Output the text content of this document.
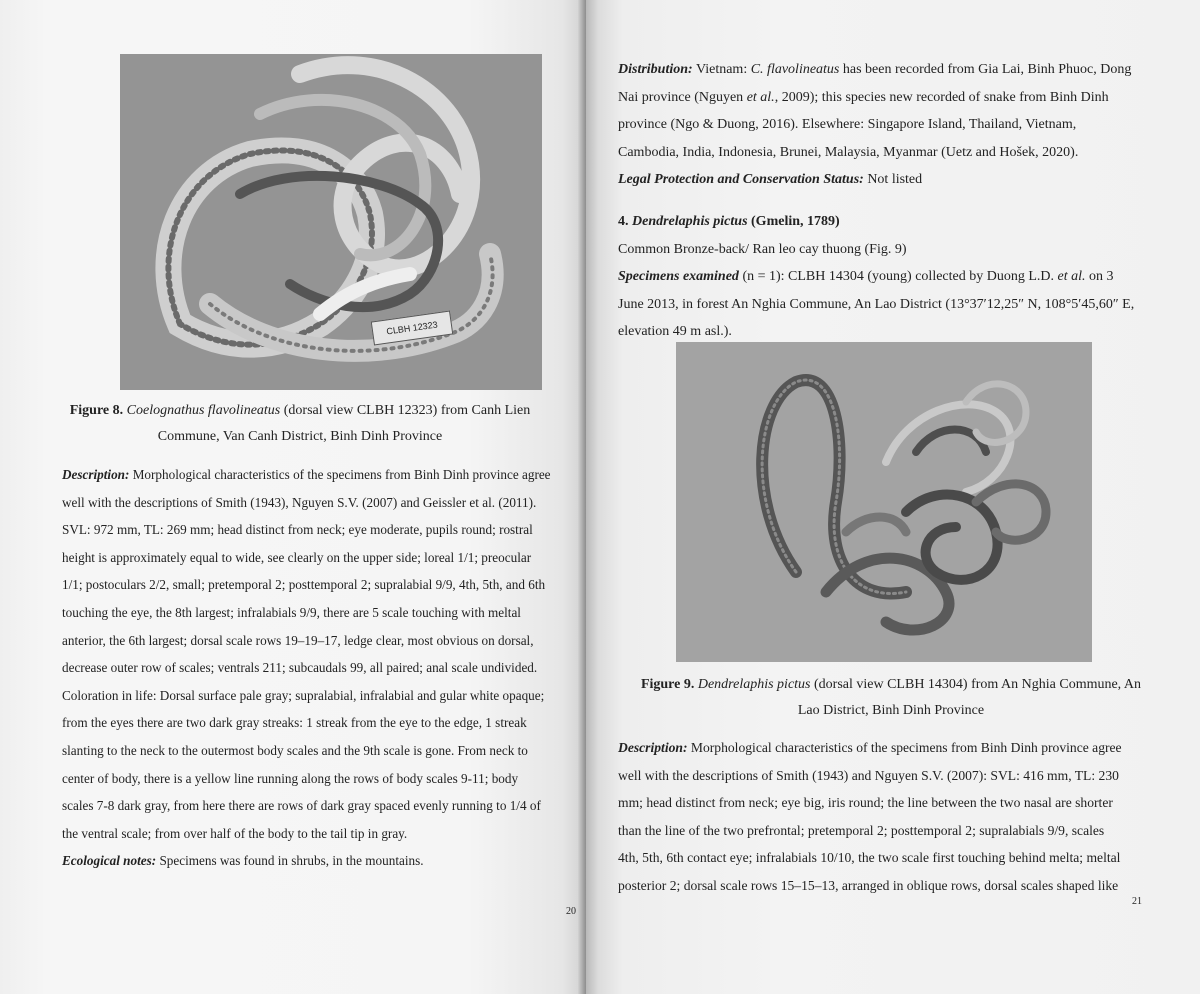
CLBH 12323
Figure 8. Coelognathus flavolineatus (dorsal view CLBH 12323) from Canh Lien
Commune, Van Canh District, Binh Dinh Province
Description: Morphological characteristics of the specimens from Binh Dinh province agree
well with the descriptions of Smith (1943), Nguyen S.V. (2007) and Geissler et al. (2011).
SVL: 972 mm, TL: 269 mm; head distinct from neck; eye moderate, pupils round; rostral
height is approximately equal to wide, see clearly on the upper side; loreal 1/1; preocular
1/1; postoculars 2/2, small; pretemporal 2; posttemporal 2; supralabial 9/9, 4th, 5th, and 6th
touching the eye, the 8th largest; infralabials 9/9, there are 5 scale touching with meltal
anterior, the 6th largest; dorsal scale rows 19–19–17, ledge clear, most obvious on dorsal,
decrease outer row of scales; ventrals 211; subcaudals 99, all paired; anal scale undivided.
Coloration in life: Dorsal surface pale gray; supralabial, infralabial and gular white opaque;
from the eyes there are two dark gray streaks: 1 streak from the eye to the edge, 1 streak
slanting to the neck to the outermost body scales and the 9th scale is gone. From neck to
center of body, there is a yellow line running along the rows of body scales 9-11; body
scales 7-8 dark gray, from here there are rows of dark gray spaced evenly running to 1/4 of
the ventral scale; from over half of the body to the tail tip in gray.
Ecological notes: Specimens was found in shrubs, in the mountains.
20
Distribution: Vietnam: C. flavolineatus has been recorded from Gia Lai, Binh Phuoc, Dong
Nai province (Nguyen et al., 2009); this species new recorded of snake from Binh Dinh
province (Ngo & Duong, 2016). Elsewhere: Singapore Island, Thailand, Vietnam,
Cambodia, India, Indonesia, Brunei, Malaysia, Myanmar (Uetz and Hošek, 2020).
Legal Protection and Conservation Status: Not listed
4. Dendrelaphis pictus (Gmelin, 1789)
Common Bronze-back/ Ran leo cay thuong (Fig. 9)
Specimens examined (n = 1): CLBH 14304 (young) collected by Duong L.D. et al. on 3
June 2013, in forest An Nghia Commune, An Lao District (13°37′12,25″ N, 108°5′45,60″ E,
elevation 49 m asl.).
Figure 9. Dendrelaphis pictus (dorsal view CLBH 14304) from An Nghia Commune, An
Lao District, Binh Dinh Province
Description: Morphological characteristics of the specimens from Binh Dinh province agree
well with the descriptions of Smith (1943) and Nguyen S.V. (2007): SVL: 416 mm, TL: 230
mm; head distinct from neck; eye big, iris round; the line between the two nasal are shorter
than the line of the two prefrontal; pretemporal 2; posttemporal 2; supralabials 9/9, scales
4th, 5th, 6th contact eye; infralabials 10/10, the two scale first touching behind melta; meltal
posterior 2; dorsal scale rows 15–15–13, arranged in oblique rows, dorsal scales shaped like
21
